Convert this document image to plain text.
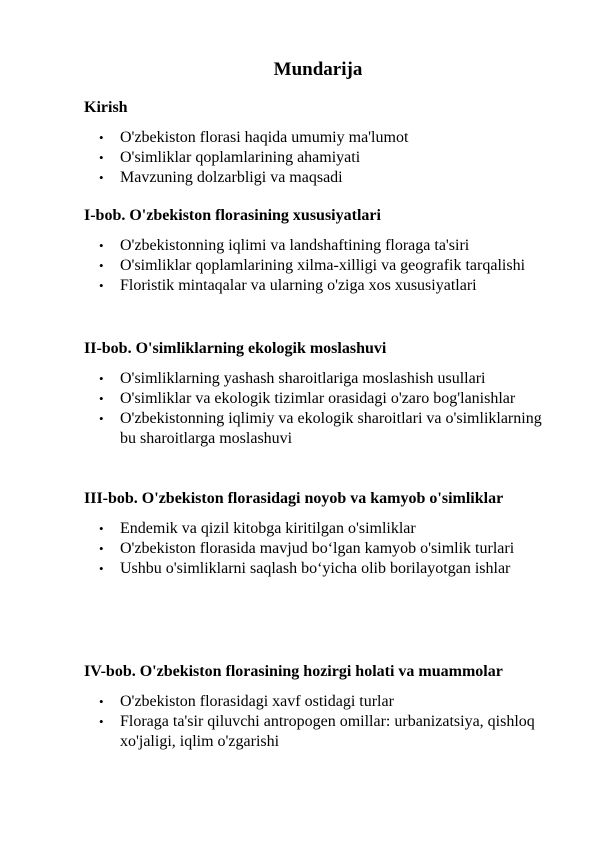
Mundarija
Kirish
• O'zbekiston florasi haqida umumiy ma'lumot
• O'simliklar qoplamlarining ahamiyati
• Mavzuning dolzarbligi va maqsadi
I-bob. O'zbekiston florasining xususiyatlari
• O'zbekistonning iqlimi va landshaftining floraga ta'siri
• O'simliklar qoplamlarining xilma-xilligi va geografik tarqalishi
• Floristik mintaqalar va ularning o'ziga xos xususiyatlari
II-bob. O'simliklarning ekologik moslashuvi
• O'simliklarning yashash sharoitlariga moslashish usullari
• O'simliklar va ekologik tizimlar orasidagi o'zaro bog'lanishlar
• O'zbekistonning iqlimiy va ekologik sharoitlari va o'simliklarning bu sharoitlarga moslashuvi
III-bob. O'zbekiston florasidagi noyob va kamyob o'simliklar
• Endemik va qizil kitobga kiritilgan o'simliklar
• O'zbekiston florasida mavjud bo‘lgan kamyob o'simlik turlari
• Ushbu o'simliklarni saqlash bo‘yicha olib borilayotgan ishlar
IV-bob. O'zbekiston florasining hozirgi holati va muammolar
• O'zbekiston florasidagi xavf ostidagi turlar
• Floraga ta'sir qiluvchi antropogen omillar: urbanizatsiya, qishloq xo'jaligi, iqlim o'zgarishi
